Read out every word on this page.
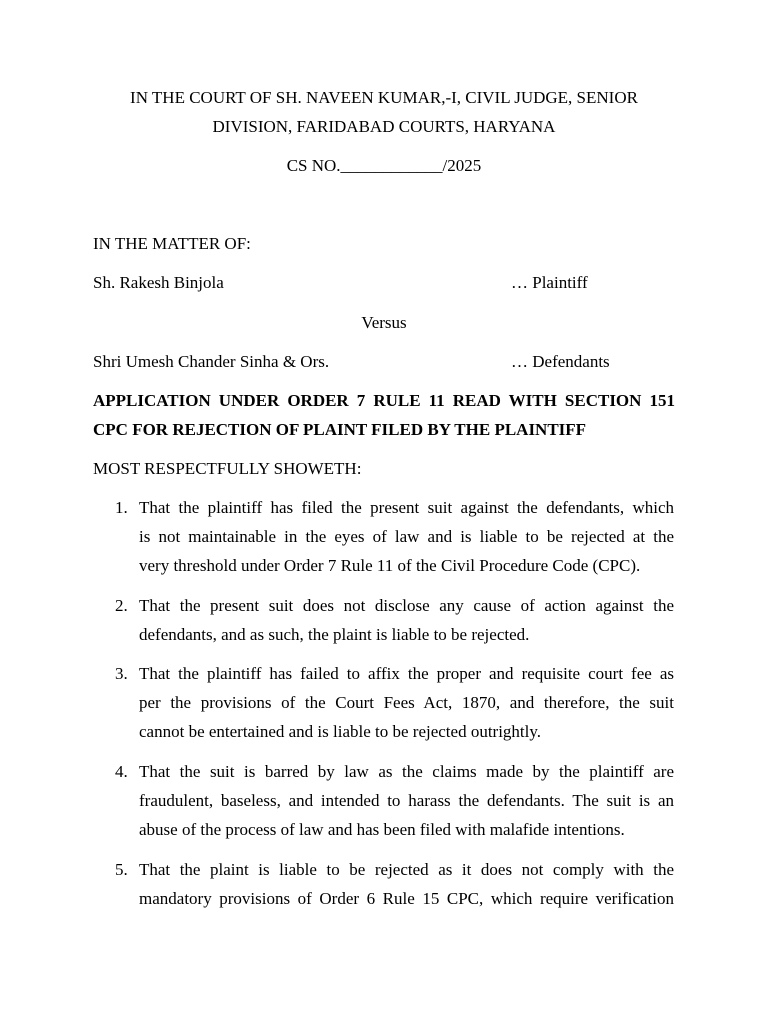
IN THE COURT OF SH. NAVEEN KUMAR,-I, CIVIL JUDGE, SENIOR
DIVISION, FARIDABAD COURTS, HARYANA
CS NO.____________/2025
IN THE MATTER OF:
Sh. Rakesh Binjola	… Plaintiff
Versus
Shri Umesh Chander Sinha & Ors.	… Defendants
APPLICATION UNDER ORDER 7 RULE 11 READ WITH SECTION 151
CPC FOR REJECTION OF PLAINT FILED BY THE PLAINTIFF
MOST RESPECTFULLY SHOWETH:
1. That the plaintiff has filed the present suit against the defendants, which
is not maintainable in the eyes of law and is liable to be rejected at the
very threshold under Order 7 Rule 11 of the Civil Procedure Code (CPC).
2. That the present suit does not disclose any cause of action against the
defendants, and as such, the plaint is liable to be rejected.
3. That the plaintiff has failed to affix the proper and requisite court fee as
per the provisions of the Court Fees Act, 1870, and therefore, the suit
cannot be entertained and is liable to be rejected outrightly.
4. That the suit is barred by law as the claims made by the plaintiff are
fraudulent, baseless, and intended to harass the defendants. The suit is an
abuse of the process of law and has been filed with malafide intentions.
5. That the plaint is liable to be rejected as it does not comply with the
mandatory provisions of Order 6 Rule 15 CPC, which require verification
